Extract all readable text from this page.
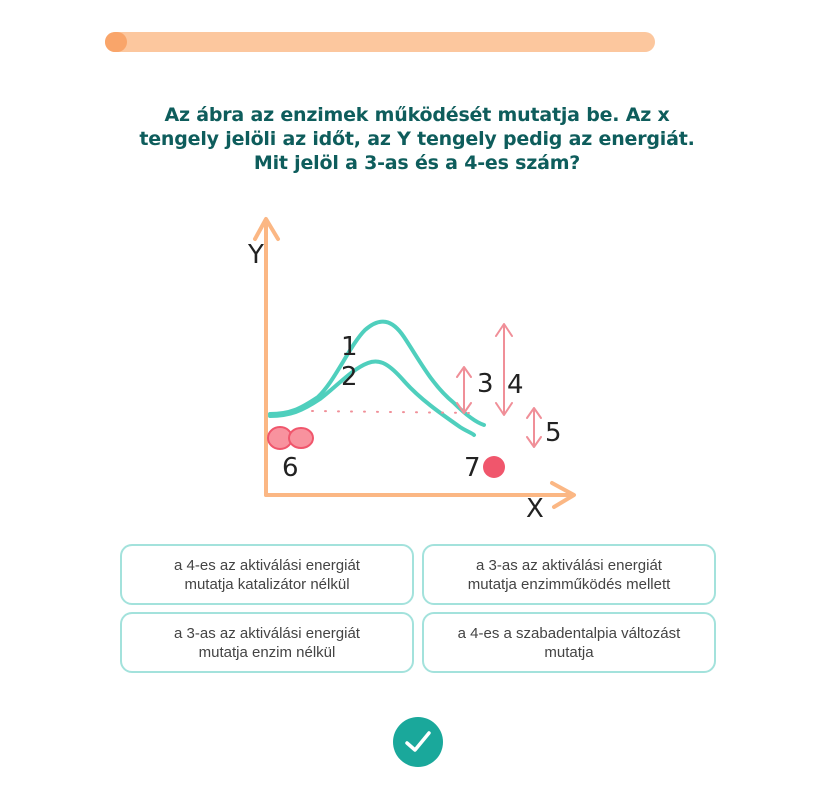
Az ábra az enzimek működését mutatja be. Az x
tengely jelöli az időt, az Y tengely pedig az energiát.
Mit jelöl a 3-as és a 4-es szám?
Y
X
1
2	3 4
5
6	7
a 4-es az aktiválási energiát
mutatja katalizátor nélkül
a 3-as az aktiválási energiát
mutatja enzimműködés mellett
a 3-as az aktiválási energiát
mutatja enzim nélkül
a 4-es a szabadentalpia változást
mutatja
